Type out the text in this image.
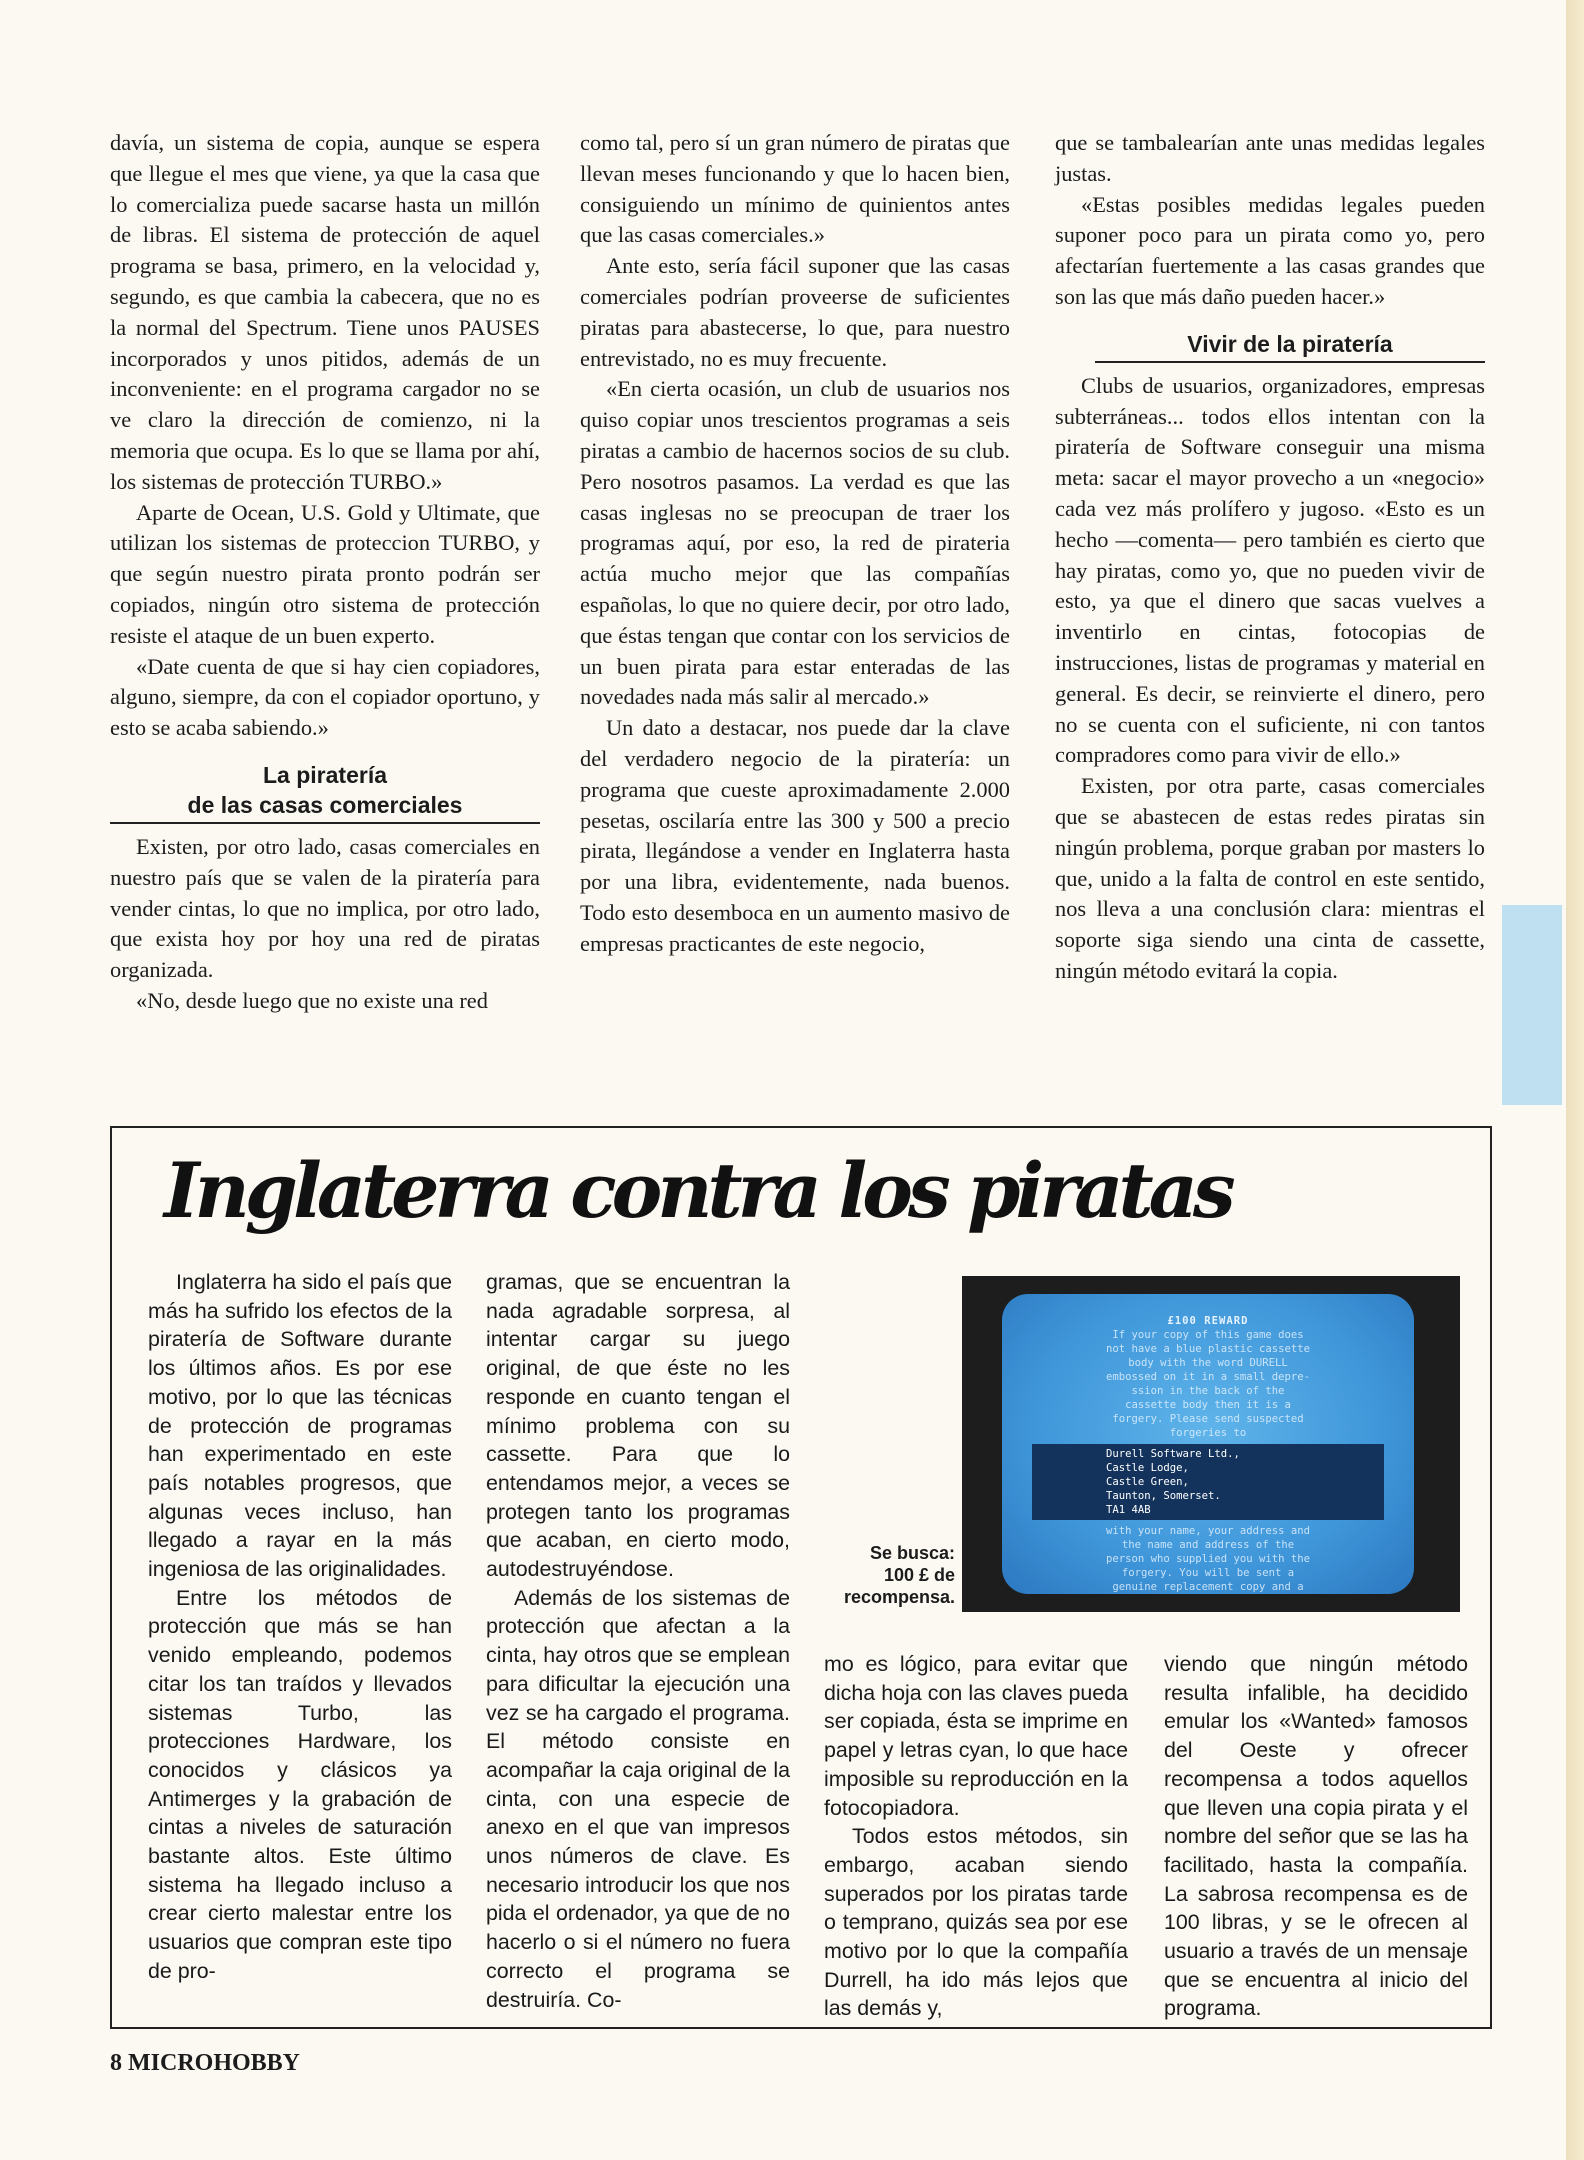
davía, un sistema de copia, aunque se espera que llegue el mes que viene, ya que la casa que lo comercializa puede sacarse hasta un millón de libras. El sistema de protección de aquel programa se basa, primero, en la velocidad y, segundo, es que cambia la cabecera, que no es la normal del Spectrum. Tiene unos PAUSES incorporados y unos pitidos, además de un inconveniente: en el programa cargador no se ve claro la dirección de comienzo, ni la memoria que ocupa. Es lo que se llama por ahí, los sistemas de protección TURBO.»

Aparte de Ocean, U.S. Gold y Ultimate, que utilizan los sistemas de proteccion TURBO, y que según nuestro pirata pronto podrán ser copiados, ningún otro sistema de protección resiste el ataque de un buen experto.

«Date cuenta de que si hay cien copiadores, alguno, siempre, da con el copiador oportuno, y esto se acaba sabiendo.»

La piratería
de las casas comerciales

Existen, por otro lado, casas comerciales en nuestro país que se valen de la piratería para vender cintas, lo que no implica, por otro lado, que exista hoy por hoy una red de piratas organizada.

«No, desde luego que no existe una red

como tal, pero sí un gran número de piratas que llevan meses funcionando y que lo hacen bien, consiguiendo un mínimo de quinientos antes que las casas comerciales.»

Ante esto, sería fácil suponer que las casas comerciales podrían proveerse de suficientes piratas para abastecerse, lo que, para nuestro entrevistado, no es muy frecuente.

«En cierta ocasión, un club de usuarios nos quiso copiar unos trescientos programas a seis piratas a cambio de hacernos socios de su club. Pero nosotros pasamos. La verdad es que las casas inglesas no se preocupan de traer los programas aquí, por eso, la red de pirateria actúa mucho mejor que las compañías españolas, lo que no quiere decir, por otro lado, que éstas tengan que contar con los servicios de un buen pirata para estar enteradas de las novedades nada más salir al mercado.»

Un dato a destacar, nos puede dar la clave del verdadero negocio de la piratería: un programa que cueste aproximadamente 2.000 pesetas, oscilaría entre las 300 y 500 a precio pirata, llegándose a vender en Inglaterra hasta por una libra, evidentemente, nada buenos. Todo esto desemboca en un aumento masivo de empresas practicantes de este negocio,

que se tambalearían ante unas medidas legales justas.

«Estas posibles medidas legales pueden suponer poco para un pirata como yo, pero afectarían fuertemente a las casas grandes que son las que más daño pueden hacer.»

Vivir de la piratería

Clubs de usuarios, organizadores, empresas subterráneas... todos ellos intentan con la piratería de Software conseguir una misma meta: sacar el mayor provecho a un «negocio» cada vez más prolífero y jugoso. «Esto es un hecho —comenta— pero también es cierto que hay piratas, como yo, que no pueden vivir de esto, ya que el dinero que sacas vuelves a inventirlo en cintas, fotocopias de instrucciones, listas de programas y material en general. Es decir, se reinvierte el dinero, pero no se cuenta con el suficiente, ni con tantos compradores como para vivir de ello.»

Existen, por otra parte, casas comerciales que se abastecen de estas redes piratas sin ningún problema, porque graban por masters lo que, unido a la falta de control en este sentido, nos lleva a una conclusión clara: mientras el soporte siga siendo una cinta de cassette, ningún método evitará la copia.

Inglaterra contra los piratas

Inglaterra ha sido el país que más ha sufrido los efectos de la piratería de Software durante los últimos años. Es por ese motivo, por lo que las técnicas de protección de programas han experimentado en este país notables progresos, que algunas veces incluso, han llegado a rayar en la más ingeniosa de las originalidades.

Entre los métodos de protección que más se han venido empleando, podemos citar los tan traídos y llevados sistemas Turbo, las protecciones Hardware, los conocidos y clásicos ya Antimerges y la grabación de cintas a niveles de saturación bastante altos. Este último sistema ha llegado incluso a crear cierto malestar entre los usuarios que compran este tipo de pro-

gramas, que se encuentran la nada agradable sorpresa, al intentar cargar su juego original, de que éste no les responde en cuanto tengan el mínimo problema con su cassette. Para que lo entendamos mejor, a veces se protegen tanto los programas que acaban, en cierto modo, autodestruyéndose.

Además de los sistemas de protección que afectan a la cinta, hay otros que se emplean para dificultar la ejecución una vez se ha cargado el programa. El método consiste en acompañar la caja original de la cinta, con una especie de anexo en el que van impresos unos números de clave. Es necesario introducir los que nos pida el ordenador, ya que de no hacerlo o si el número no fuera correcto el programa se destruiría. Co-

Se busca:
100 £ de
recompensa.
£100 REWARD
If your copy of this game does
not have a blue plastic cassette
body with the word DURELL
embossed on it in a small depre-
ssion in the back of the
cassette body then it is a
forgery. Please send suspected
forgeries to
Durell Software Ltd.,
Castle Lodge,
Castle Green,
Taunton, Somerset.
TA1 4AB
with your name, your address and
the name and address of the
person who supplied you with the
forgery. You will be sent a
genuine replacement copy and a

mo es lógico, para evitar que dicha hoja con las claves pueda ser copiada, ésta se imprime en papel y letras cyan, lo que hace imposible su reproducción en la fotocopiadora.

Todos estos métodos, sin embargo, acaban siendo superados por los piratas tarde o temprano, quizás sea por ese motivo por lo que la compañía Durrell, ha ido más lejos que las demás y,

viendo que ningún método resulta infalible, ha decidido emular los «Wanted» famosos del Oeste y ofrecer recompensa a todos aquellos que lleven una copia pirata y el nombre del señor que se las ha facilitado, hasta la compañía. La sabrosa recompensa es de 100 libras, y se le ofrecen al usuario a través de un mensaje que se encuentra al inicio del programa.

8 MICROHOBBY
